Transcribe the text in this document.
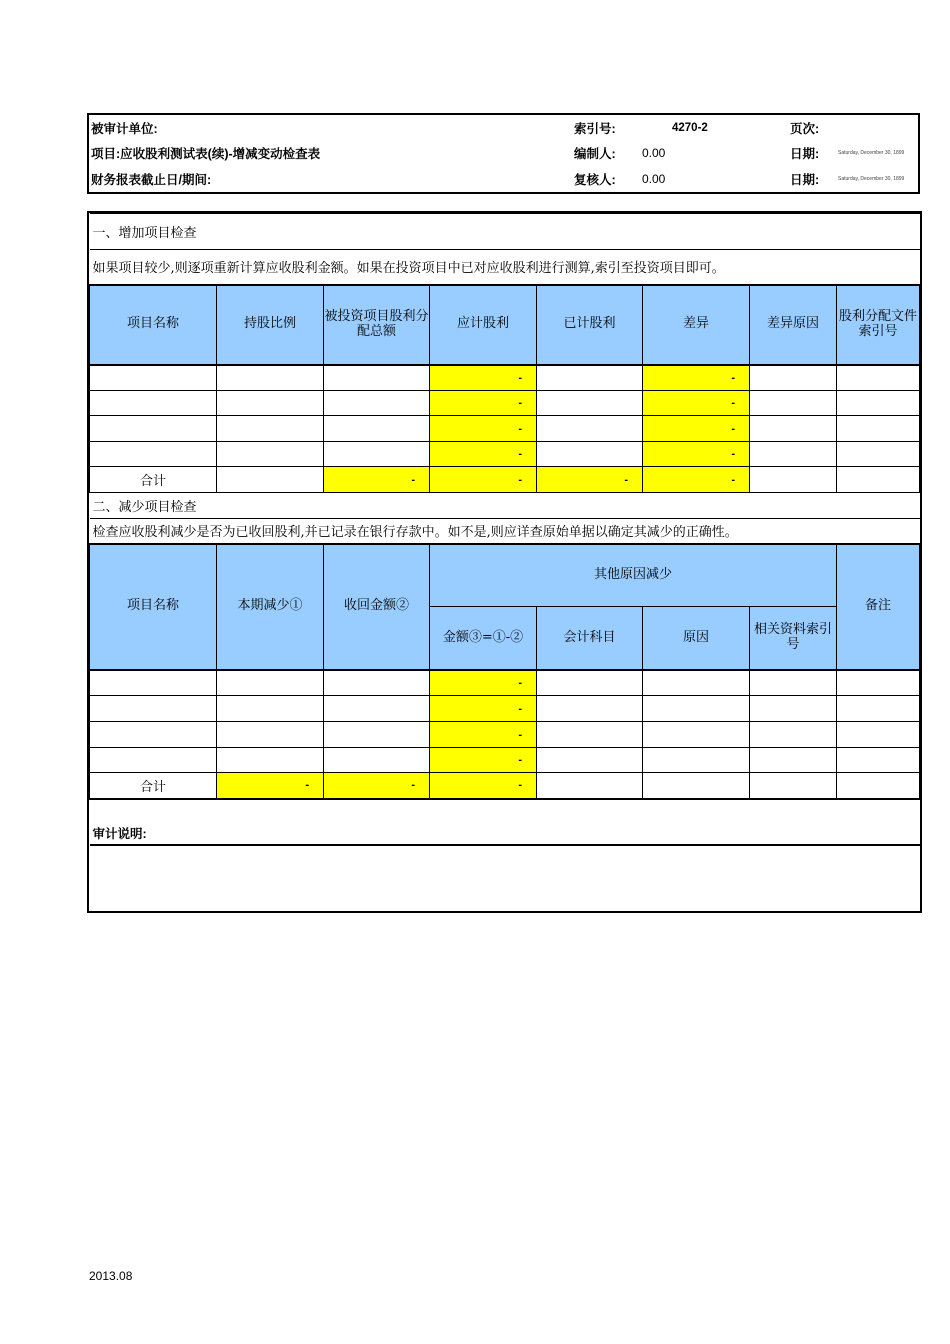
被审计单位:	索引号:	4270-2	页次:	
项目:应收股利测试表(续)-增减变动检查表	编制人:	0.00	日期:	Saturday, December 30, 1899
财务报表截止日/期间:	复核人:	0.00	日期:	Saturday, December 30, 1899
一、增加项目检查							
如果项目较少,则逐项重新计算应收股利金额。如果在投资项目中已对应收股利进行测算,索引至投资项目即可。							
项目名称	持股比例	被投资项目股利分配总额	应计股利	已计股利	差异	差异原因	股利分配文件索引号
			-		-		
			-		-		
			-		-		
			-		-		
合计		-	-	-	-		
二、减少项目检查							
检查应收股利减少是否为已收回股利,并已记录在银行存款中。如不是,则应详查原始单据以确定其减少的正确性。							
项目名称	本期减少①	收回金额②	其他原因减少				备注
			金额③=①-②	会计科目	原因	相关资料索引号	
			-				
			-				
			-				
			-				
合计	-	-	-				
审计说明:							

2013.08
